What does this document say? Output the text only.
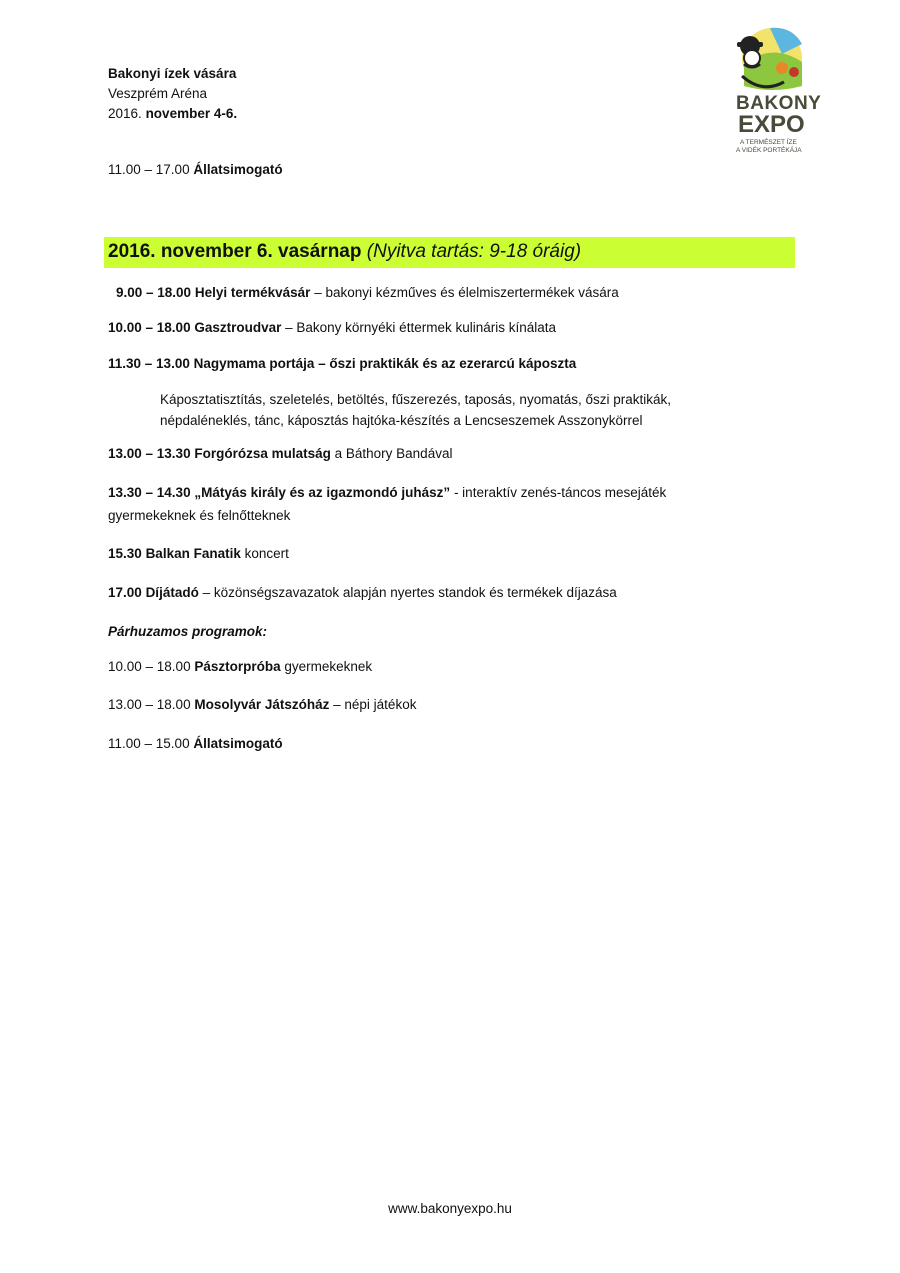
Bakonyi ízek vására
Veszprém Aréna
2016. november 4-6.	BAKONY
EXPO
A TERMÉSZET ÍZE
A VIDÉK PORTÉKÁJA
11.00 – 17.00 Állatsimogató
2016. november 6. vasárnap (Nyitva tartás: 9-18 óráig)
9.00 – 18.00 Helyi termékvásár – bakonyi kézműves és élelmiszertermékek vására
10.00 – 18.00 Gasztroudvar – Bakony környéki éttermek kulináris kínálata
11.30 – 13.00 Nagymama portája – őszi praktikák és az ezerarcú káposzta
Káposztatisztítás, szeletelés, betöltés, fűszerezés, taposás, nyomatás, őszi praktikák,
népdaléneklés, tánc, káposztás hajtóka-készítés a Lencseszemek Asszonykörrel
13.00 – 13.30 Forgórózsa mulatság a Báthory Bandával
13.30 – 14.30 „Mátyás király és az igazmondó juhász” - interaktív zenés-táncos mesejáték
gyermekeknek és felnőtteknek
15.30 Balkan Fanatik koncert
17.00 Díjátadó – közönségszavazatok alapján nyertes standok és termékek díjazása
Párhuzamos programok:
10.00 – 18.00 Pásztorpróba gyermekeknek
13.00 – 18.00 Mosolyvár Játszóház – népi játékok
11.00 – 15.00 Állatsimogató
www.bakonyexpo.hu
